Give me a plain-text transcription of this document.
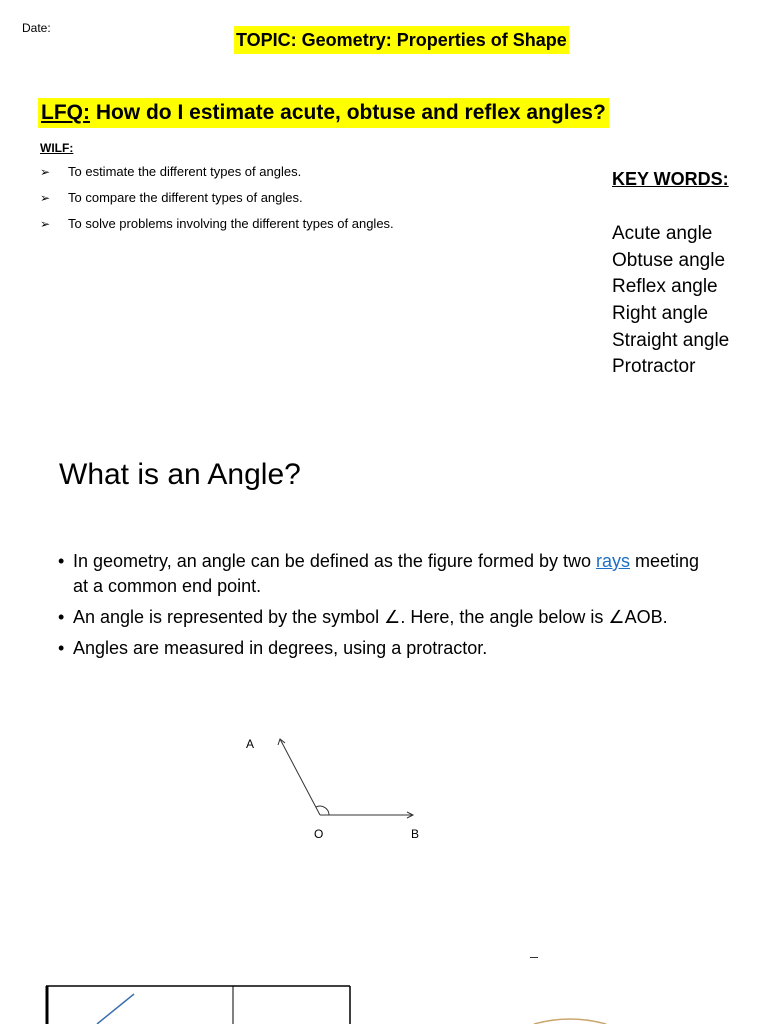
Date:
TOPIC: Geometry: Properties of Shape
LFQ: How do I estimate acute, obtuse and reflex angles?
WILF:
➢	To estimate the different types of angles.
➢	To compare the different types of angles.
➢	To solve problems involving the different types of angles.
KEY WORDS:
Acute angle
Obtuse angle
Reflex angle
Right angle
Straight angle
Protractor
What is an Angle?
• In geometry, an angle can be defined as the figure formed by two rays meeting at a common end point.
• An angle is represented by the symbol ∠. Here, the angle below is ∠AOB.
• Angles are measured in degrees, using a protractor.
A
O	B
